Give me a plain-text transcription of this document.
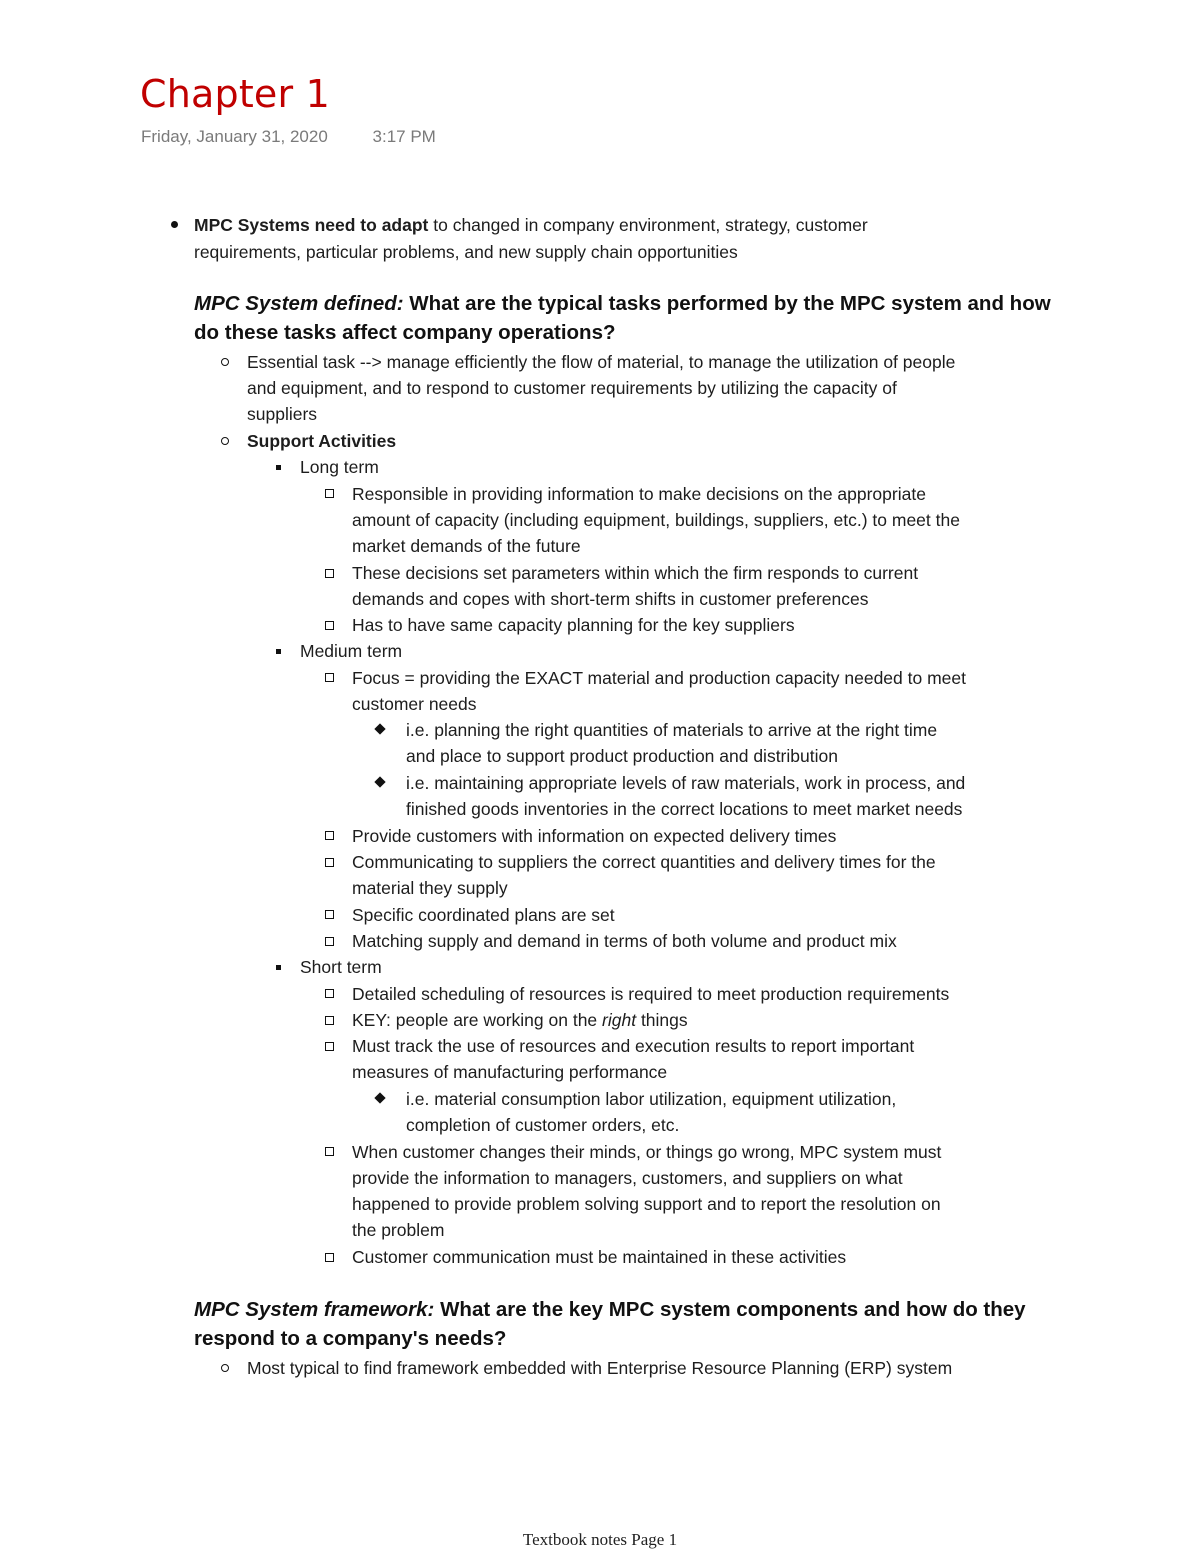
Chapter 1
Friday, January 31, 2020	3:17 PM
MPC Systems need to adapt to changed in company environment, strategy, customer
requirements, particular problems, and new supply chain opportunities
MPC System defined: What are the typical tasks performed by the MPC system and how
do these tasks affect company operations?
Essential task --> manage efficiently the flow of material, to manage the utilization of people
and equipment, and to respond to customer requirements by utilizing the capacity of
suppliers
Support Activities
Long term
Responsible in providing information to make decisions on the appropriate
amount of capacity (including equipment, buildings, suppliers, etc.) to meet the
market demands of the future
These decisions set parameters within which the firm responds to current
demands and copes with short-term shifts in customer preferences
Has to have same capacity planning for the key suppliers
Medium term
Focus = providing the EXACT material and production capacity needed to meet
customer needs
i.e. planning the right quantities of materials to arrive at the right time
and place to support product production and distribution
i.e. maintaining appropriate levels of raw materials, work in process, and
finished goods inventories in the correct locations to meet market needs
Provide customers with information on expected delivery times
Communicating to suppliers the correct quantities and delivery times for the
material they supply
Specific coordinated plans are set
Matching supply and demand in terms of both volume and product mix
Short term
Detailed scheduling of resources is required to meet production requirements
KEY: people are working on the right things
Must track the use of resources and execution results to report important
measures of manufacturing performance
i.e. material consumption labor utilization, equipment utilization,
completion of customer orders, etc.
When customer changes their minds, or things go wrong, MPC system must
provide the information to managers, customers, and suppliers on what
happened to provide problem solving support and to report the resolution on
the problem
Customer communication must be maintained in these activities
MPC System framework: What are the key MPC system components and how do they
respond to a company's needs?
Most typical to find framework embedded with Enterprise Resource Planning (ERP) system
Textbook notes Page 1
